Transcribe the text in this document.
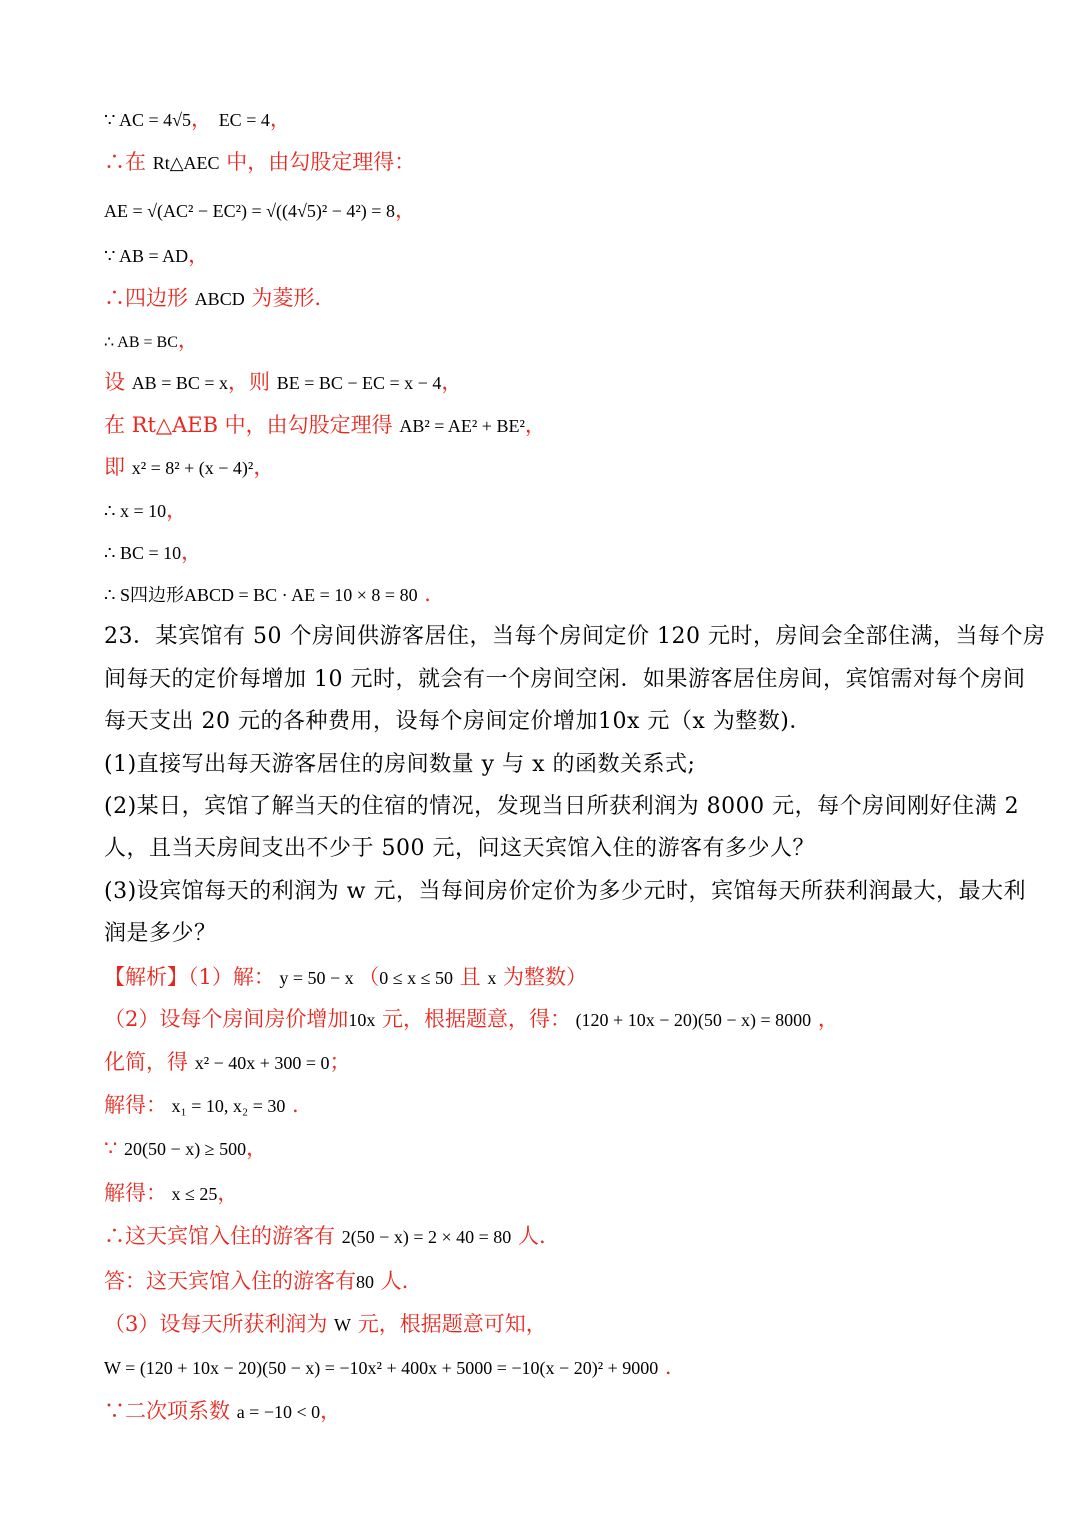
∵ AC = 4√5， EC = 4，
∴在 Rt△AEC 中，由勾股定理得：
AE = √(AC² − EC²) = √((4√5)² − 4²) = 8，
∵ AB = AD，
∴四边形 ABCD 为菱形.
∴ AB = BC，
设 AB = BC = x，则 BE = BC − EC = x − 4，
在 Rt△AEB 中，由勾股定理得 AB² = AE² + BE²，
即 x² = 8² + (x − 4)²，
∴ x = 10，
∴ BC = 10，
∴ S四边形ABCD = BC · AE = 10 × 8 = 80 .
23．某宾馆有 50 个房间供游客居住，当每个房间定价 120 元时，房间会全部住满，当每个房
间每天的定价每增加 10 元时，就会有一个房间空闲．如果游客居住房间，宾馆需对每个房间
每天支出 20 元的各种费用，设每个房间定价增加10x 元（x 为整数)．
(1)直接写出每天游客居住的房间数量 y 与 x 的函数关系式;
(2)某日，宾馆了解当天的住宿的情况，发现当日所获利润为 8000 元，每个房间刚好住满 2
人，且当天房间支出不少于 500 元，问这天宾馆入住的游客有多少人？
(3)设宾馆每天的利润为 w 元，当每间房价定价为多少元时，宾馆每天所获利润最大，最大利
润是多少？
【解析】（1）解： y = 50 − x （0 ≤ x ≤ 50 且 x 为整数）
（2）设每个房间房价增加10x 元，根据题意，得： (120 + 10x − 20)(50 − x) = 8000 ，
化简，得 x² − 40x + 300 = 0；
解得： x₁ = 10, x₂ = 30 .
∵ 20(50 − x) ≥ 500，
解得： x ≤ 25，
∴这天宾馆入住的游客有 2(50 − x) = 2 × 40 = 80 人.
答：这天宾馆入住的游客有80 人.
（3）设每天所获利润为 W 元，根据题意可知，
W = (120 + 10x − 20)(50 − x) = −10x² + 400x + 5000 = −10(x − 20)² + 9000 .
∵二次项系数 a = −10 < 0，
